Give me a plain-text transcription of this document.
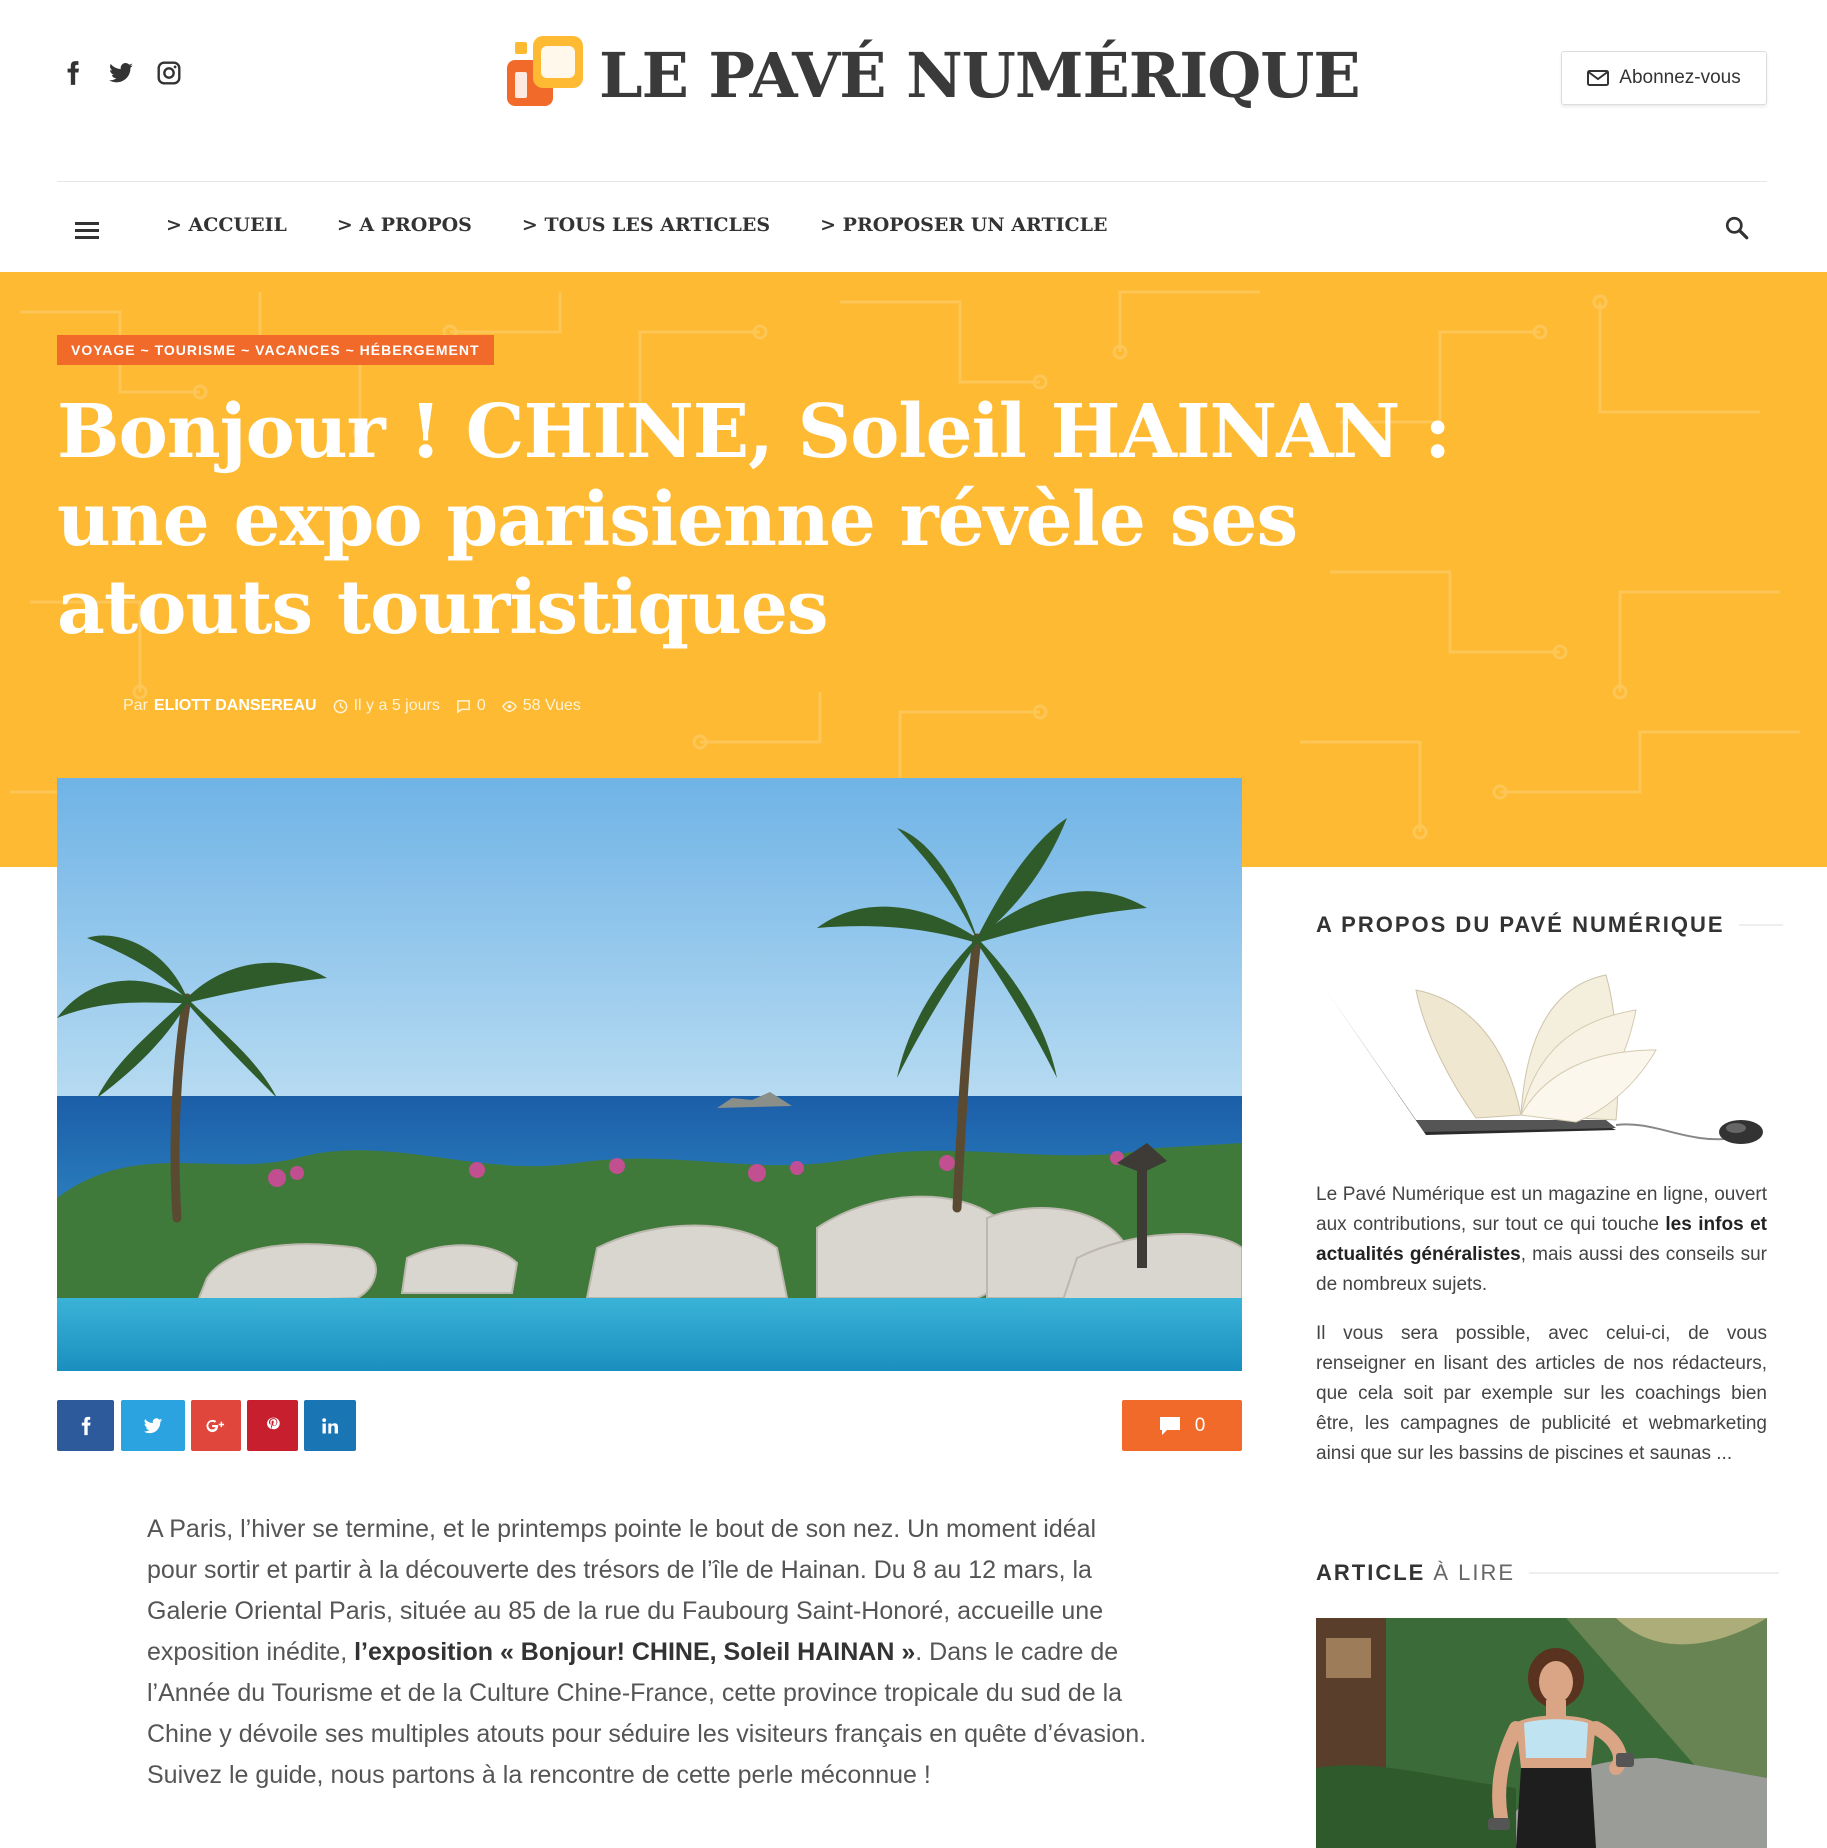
LE PAVÉ NUMÉRIQUE	Abonnez-vous
> ACCUEIL	> A PROPOS	> TOUS LES ARTICLES	> PROPOSER UN ARTICLE
VOYAGE ~ TOURISME ~ VACANCES ~ HÉBERGEMENT
Bonjour ! CHINE, Soleil HAINAN : une expo parisienne révèle ses atouts touristiques
Par ELIOTT DANSEREAU Il y a 5 jours 0 58 Vues
0

A Paris, l’hiver se termine, et le printemps pointe le bout de son nez. Un moment idéal pour sortir et partir à la découverte des trésors de l’île de Hainan. Du 8 au 12 mars, la Galerie Oriental Paris, située au 85 de la rue du Faubourg Saint-Honoré, accueille une exposition inédite, l’exposition « Bonjour! CHINE, Soleil HAINAN ». Dans le cadre de l’Année du Tourisme et de la Culture Chine-France, cette province tropicale du sud de la Chine y dévoile ses multiples atouts pour séduire les visiteurs français en quête d’évasion. Suivez le guide, nous partons à la rencontre de cette perle méconnue !

A PROPOS DU PAVÉ NUMÉRIQUE
Le Pavé Numérique est un magazine en ligne, ouvert aux contributions, sur tout ce qui touche les infos et actualités généralistes, mais aussi des conseils sur de nombreux sujets.
Il vous sera possible, avec celui-ci, de vous renseigner en lisant des articles de nos rédacteurs, que cela soit par exemple sur les coachings bien être, les campagnes de publicité et webmarketing ainsi que sur les bassins de piscines et saunas ...
ARTICLE À LIRE
